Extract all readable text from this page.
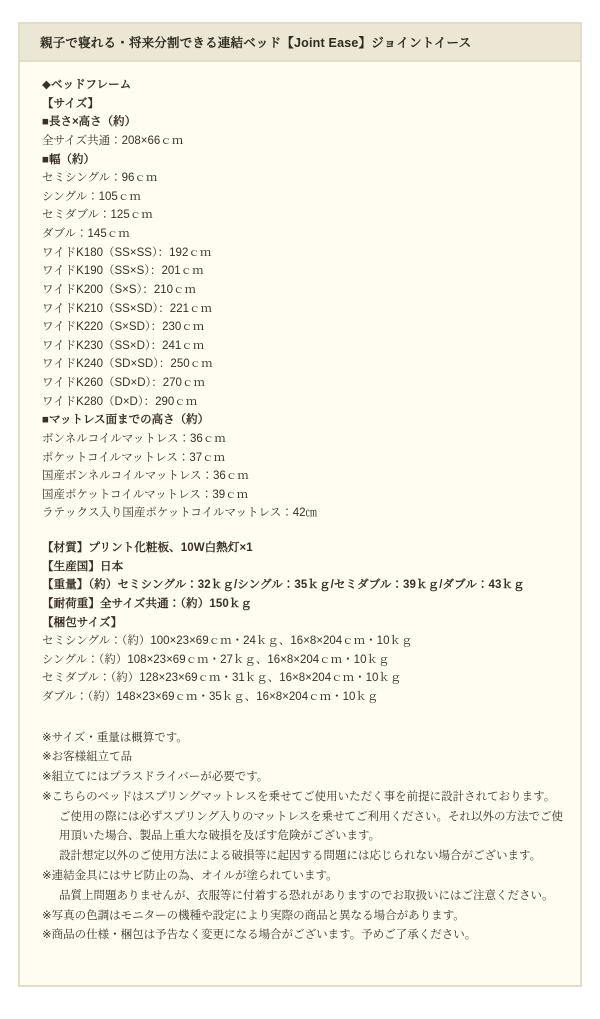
親子で寝れる・将来分割できる連結ベッド【Joint Ease】ジョイントイース
◆ベッドフレーム
【サイズ】
■長さ×高さ（約）
全サイズ共通：208×66ｃｍ
■幅（約）
セミシングル：96ｃｍ
シングル：105ｃｍ
セミダブル：125ｃｍ
ダブル：145ｃｍ
ワイドK180（SS×SS）：192ｃｍ
ワイドK190（SS×S）：201ｃｍ
ワイドK200（S×S）：210ｃｍ
ワイドK210（SS×SD）：221ｃｍ
ワイドK220（S×SD）：230ｃｍ
ワイドK230（SS×D）：241ｃｍ
ワイドK240（SD×SD）：250ｃｍ
ワイドK260（SD×D）：270ｃｍ
ワイドK280（D×D）：290ｃｍ
■マットレス面までの高さ（約）
ボンネルコイルマットレス：36ｃｍ
ポケットコイルマットレス：37ｃｍ
国産ボンネルコイルマットレス：36ｃｍ
国産ポケットコイルマットレス：39ｃｍ
ラテックス入り国産ポケットコイルマットレス：42㎝
【材質】プリント化粧板、10W白熱灯×1
【生産国】日本
【重量】（約）セミシングル：32ｋｇ/シングル：35ｋｇ/セミダブル：39ｋｇ/ダブル：43ｋｇ
【耐荷重】全サイズ共通：（約）150ｋｇ
【梱包サイズ】
セミシングル：（約）100×23×69ｃｍ・24ｋｇ、16×8×204ｃｍ・10ｋｇ
シングル：（約）108×23×69ｃｍ・27ｋｇ、16×8×204ｃｍ・10ｋｇ
セミダブル：（約）128×23×69ｃｍ・31ｋｇ、16×8×204ｃｍ・10ｋｇ
ダブル：（約）148×23×69ｃｍ・35ｋｇ、16×8×204ｃｍ・10ｋｇ
※サイズ・重量は概算です。
※お客様組立て品
※組立てにはプラスドライバーが必要です。
※こちらのベッドはスプリングマットレスを乗せてご使用いただく事を前提に設計されております。
ご使用の際には必ずスプリング入りのマットレスを乗せてご利用ください。それ以外の方法でご使
用頂いた場合、製品上重大な破損を及ぼす危険がございます。
設計想定以外のご使用方法による破損等に起因する問題には応じられない場合がございます。
※連結金具にはサビ防止の為、オイルが塗られています。
品質上問題ありませんが、衣服等に付着する恐れがありますのでお取扱いにはご注意ください。
※写真の色調はモニターの機種や設定により実際の商品と異なる場合があります。
※商品の仕様・梱包は予告なく変更になる場合がございます。予めご了承ください。
